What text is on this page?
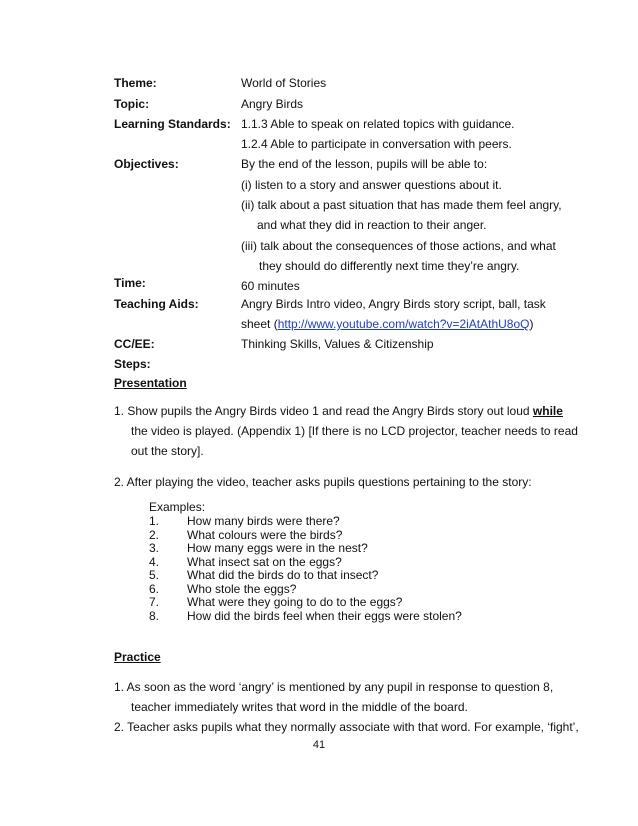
Theme:	World of Stories
Topic:	Angry Birds
Learning Standards: 1.1.3 Able to speak on related topics with guidance.
1.2.4 Able to participate in conversation with peers.
Objectives:	By the end of the lesson, pupils will be able to:
(i) listen to a story and answer questions about it.
(ii) talk about a past situation that has made them feel angry,
and what they did in reaction to their anger.
(iii) talk about the consequences of those actions, and what
they should do differently next time they’re angry.
Time:	60 minutes
Teaching Aids:	Angry Birds Intro video, Angry Birds story script, ball, task
sheet (http://www.youtube.com/watch?v=2iAtAthU8oQ)
CC/EE:	Thinking Skills, Values & Citizenship
Steps:
Presentation
1. Show pupils the Angry Birds video 1 and read the Angry Birds story out loud while
the video is played. (Appendix 1) [If there is no LCD projector, teacher needs to read
out the story].
2. After playing the video, teacher asks pupils questions pertaining to the story:
Examples:
1. How many birds were there?
2. What colours were the birds?
3. How many eggs were in the nest?
4. What insect sat on the eggs?
5. What did the birds do to that insect?
6. Who stole the eggs?
7. What were they going to do to the eggs?
8. How did the birds feel when their eggs were stolen?
Practice
1. As soon as the word ‘angry’ is mentioned by any pupil in response to question 8,
teacher immediately writes that word in the middle of the board.
2. Teacher asks pupils what they normally associate with that word. For example, ‘fight’,
41
